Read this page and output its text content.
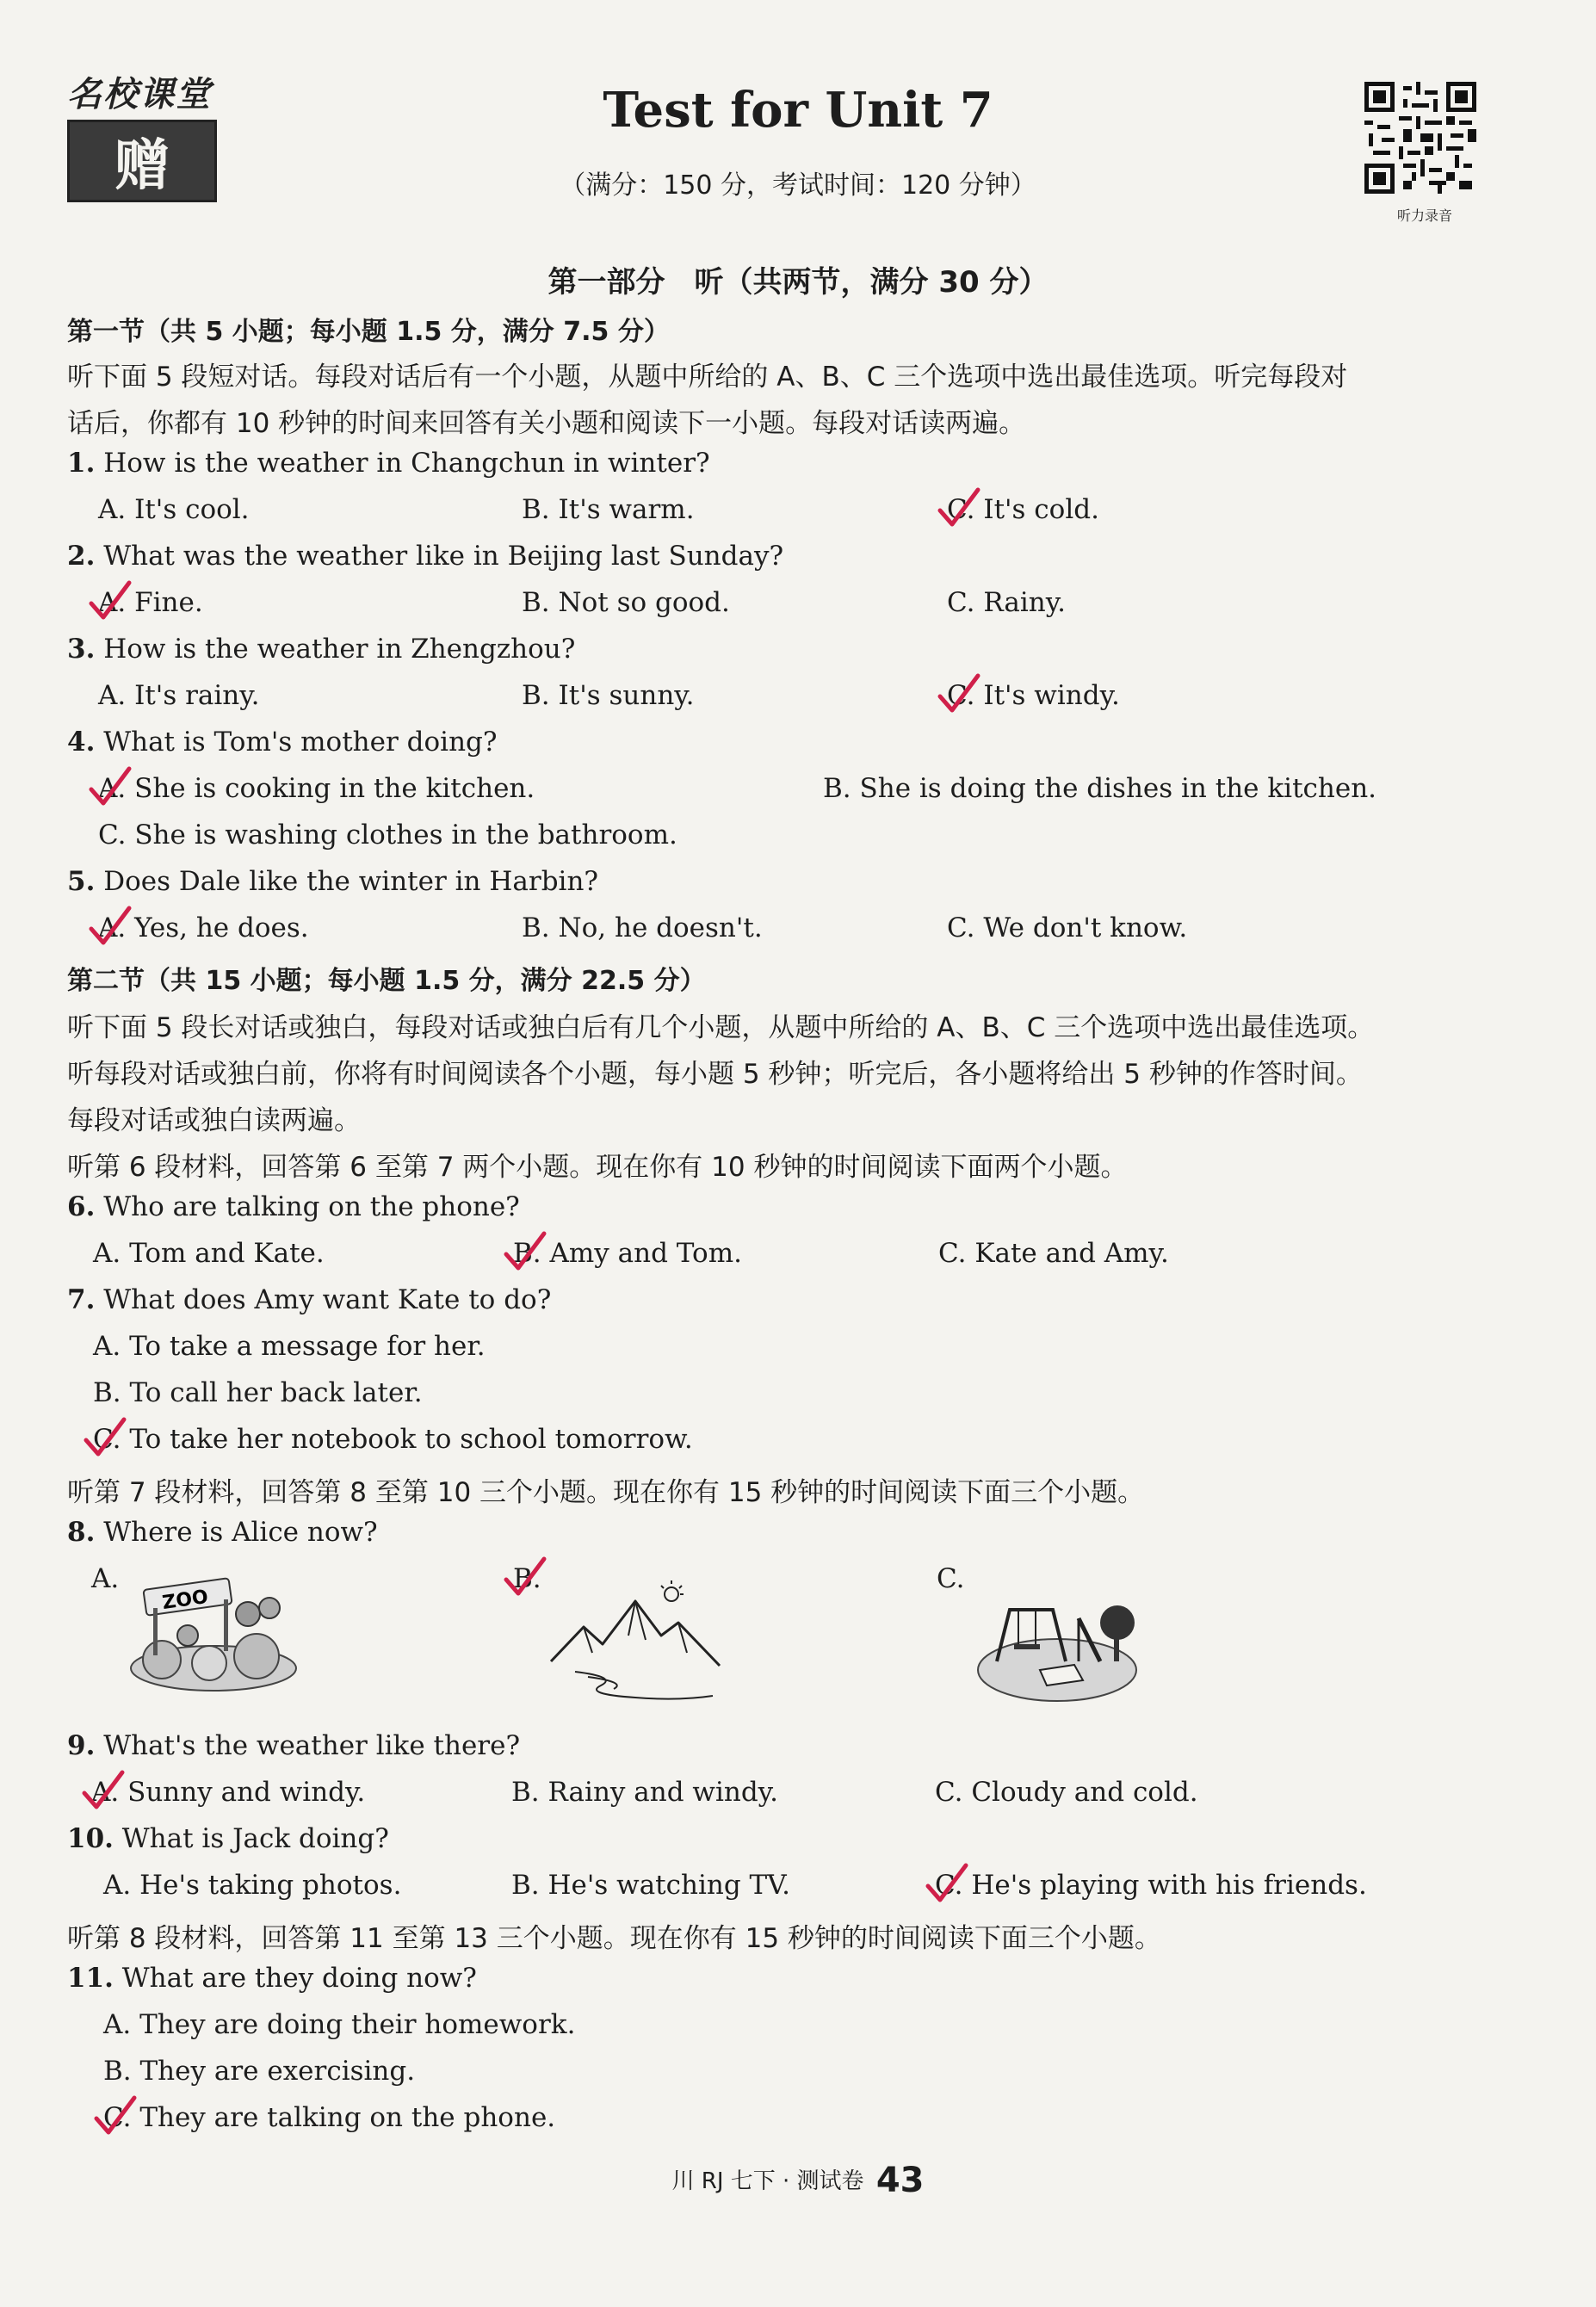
名校课堂
赠
Test for Unit 7
（满分：150 分，考试时间：120 分钟）
听力录音
第一部分　听（共两节，满分 30 分）
第一节（共 5 小题；每小题 1.5 分，满分 7.5 分）
听下面 5 段短对话。每段对话后有一个小题，从题中所给的 A、B、C 三个选项中选出最佳选项。听完每段对
话后，你都有 10 秒钟的时间来回答有关小题和阅读下一小题。每段对话读两遍。
1. How is the weather in Changchun in winter?
A. It's cool.	B. It's warm.	C. It's cold.
2. What was the weather like in Beijing last Sunday?
A. Fine.	B. Not so good.	C. Rainy.
3. How is the weather in Zhengzhou?
A. It's rainy.	B. It's sunny.	C. It's windy.
4. What is Tom's mother doing?
A. She is cooking in the kitchen.	B. She is doing the dishes in the kitchen.
C. She is washing clothes in the bathroom.
5. Does Dale like the winter in Harbin?
A. Yes, he does.	B. No, he doesn't.	C. We don't know.
第二节（共 15 小题；每小题 1.5 分，满分 22.5 分）
听下面 5 段长对话或独白，每段对话或独白后有几个小题，从题中所给的 A、B、C 三个选项中选出最佳选项。
听每段对话或独白前，你将有时间阅读各个小题，每小题 5 秒钟；听完后，各小题将给出 5 秒钟的作答时间。
每段对话或独白读两遍。
听第 6 段材料，回答第 6 至第 7 两个小题。现在你有 10 秒钟的时间阅读下面两个小题。
6. Who are talking on the phone?
A. Tom and Kate.	B. Amy and Tom.	C. Kate and Amy.
7. What does Amy want Kate to do?
A. To take a message for her.
B. To call her back later.
C. To take her notebook to school tomorrow.
听第 7 段材料，回答第 8 至第 10 三个小题。现在你有 15 秒钟的时间阅读下面三个小题。
8. Where is Alice now?
A.	B.	C.
ZOO
9. What's the weather like there?
A. Sunny and windy.	B. Rainy and windy.	C. Cloudy and cold.
10. What is Jack doing?
A. He's taking photos.	B. He's watching TV.	C. He's playing with his friends.
听第 8 段材料，回答第 11 至第 13 三个小题。现在你有 15 秒钟的时间阅读下面三个小题。
11. What are they doing now?
A. They are doing their homework.
B. They are exercising.
C. They are talking on the phone.
川 RJ 七下 · 测试卷 43
